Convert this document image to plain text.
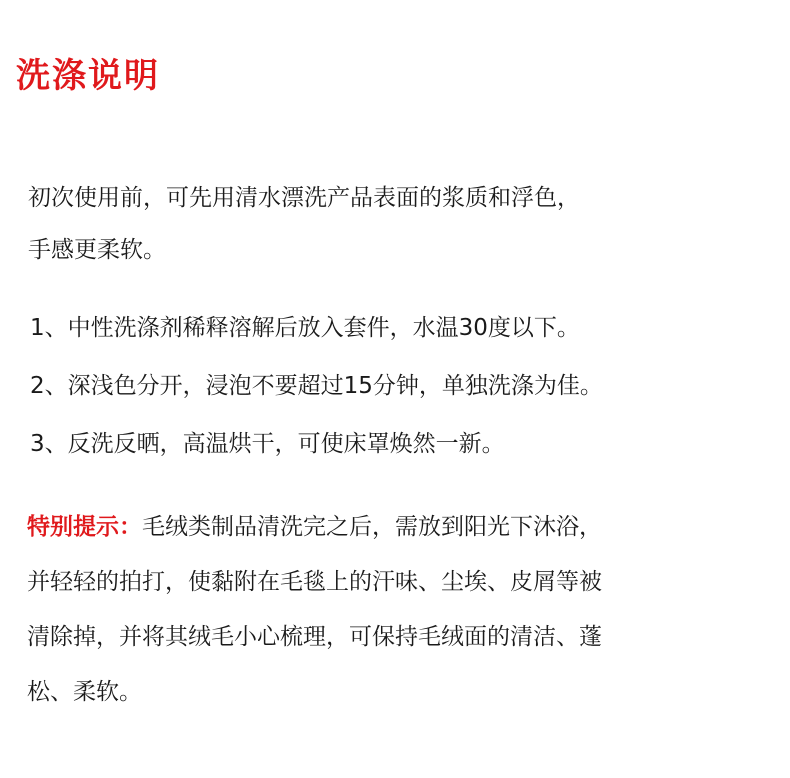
洗涤说明
初次使用前，可先用清水漂洗产品表面的浆质和浮色，
手感更柔软。
1、中性洗涤剂稀释溶解后放入套件，水温30度以下。
2、深浅色分开，浸泡不要超过15分钟，单独洗涤为佳。
3、反洗反晒，高温烘干，可使床罩焕然一新。
特别提示：毛绒类制品清洗完之后，需放到阳光下沐浴，
并轻轻的拍打，使黏附在毛毯上的汗味、尘埃、皮屑等被
清除掉，并将其绒毛小心梳理，可保持毛绒面的清洁、蓬
松、柔软。
